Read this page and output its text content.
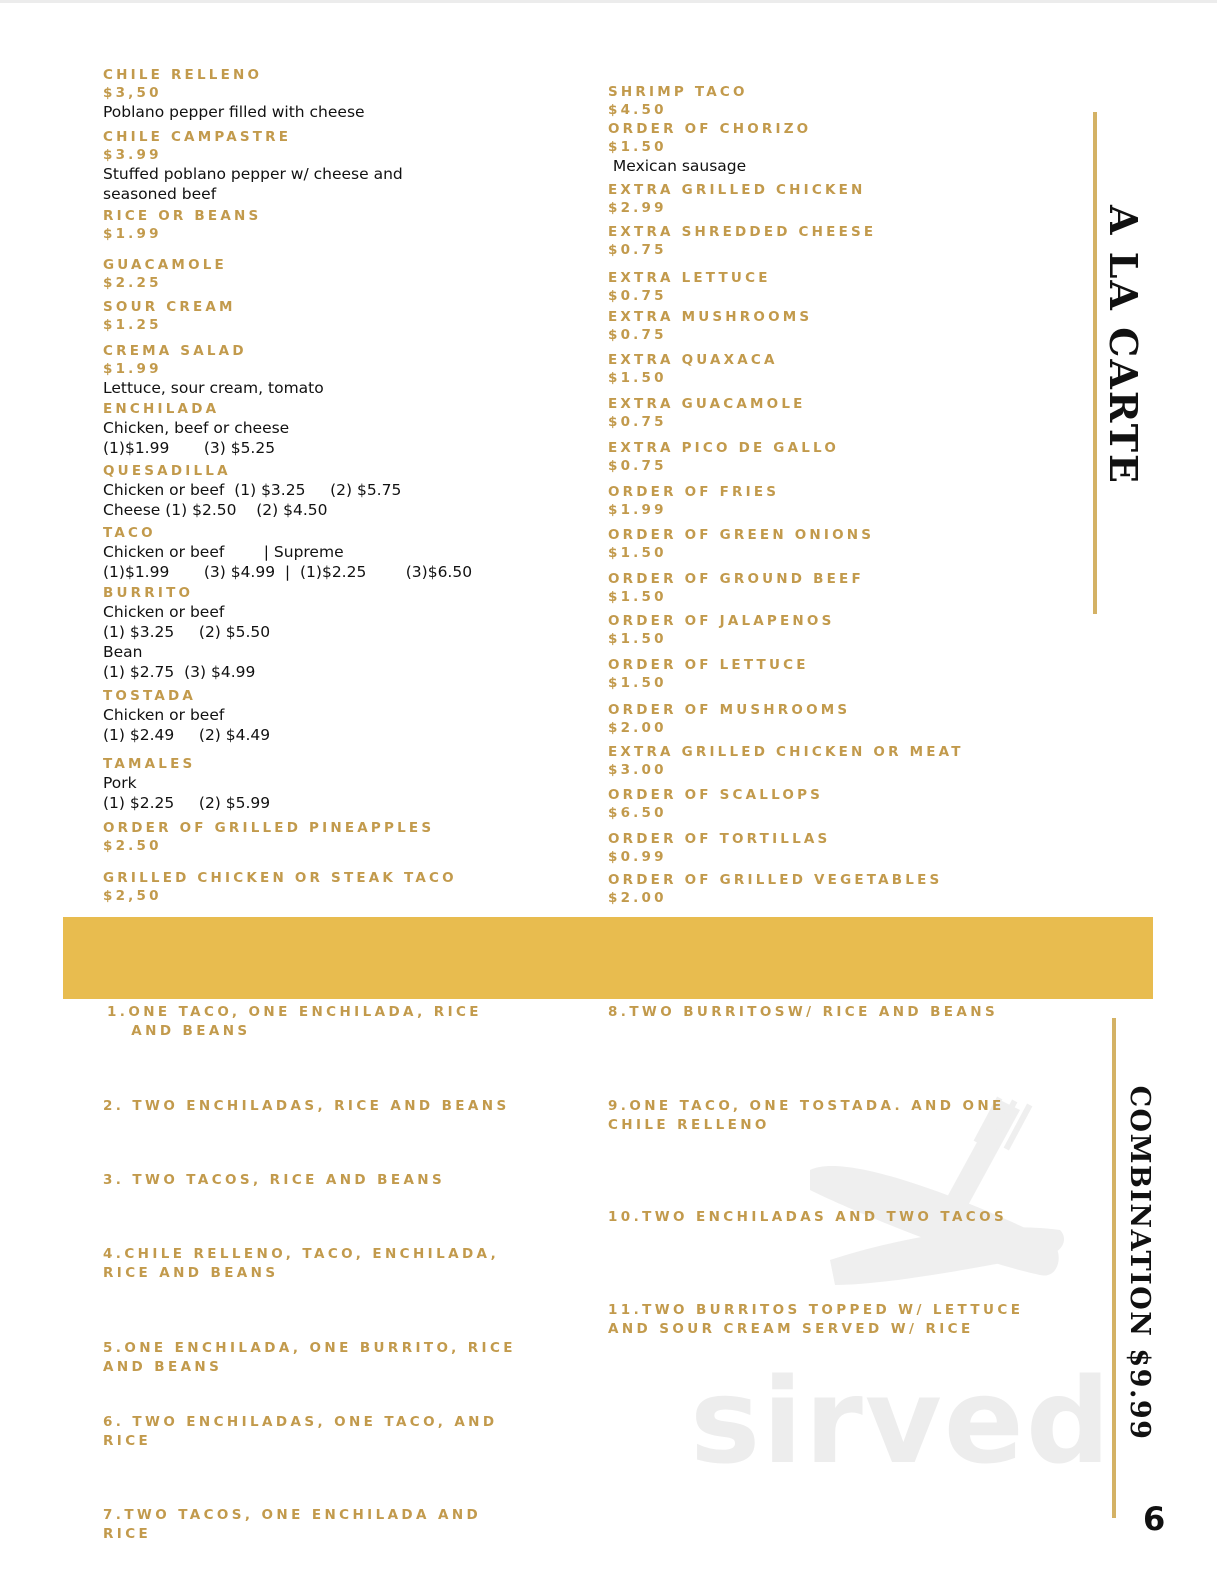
CHILE RELLENO
$3,50
Poblano pepper filled with cheese
CHILE CAMPASTRE
$3.99
Stuffed poblano pepper w/ cheese and
seasoned beef
RICE OR BEANS
$1.99
GUACAMOLE
$2.25
SOUR CREAM
$1.25
CREMA SALAD
$1.99
Lettuce, sour cream, tomato
ENCHILADA
Chicken, beef or cheese
(1)$1.99       (3) $5.25
QUESADILLA
Chicken or beef  (1) $3.25     (2) $5.75
Cheese (1) $2.50    (2) $4.50
TACO
Chicken or beef        | Supreme
(1)$1.99       (3) $4.99  |  (1)$2.25        (3)$6.50
BURRITO
Chicken or beef
(1) $3.25     (2) $5.50
Bean
(1) $2.75  (3) $4.99
TOSTADA
Chicken or beef
(1) $2.49     (2) $4.49
TAMALES
Pork
(1) $2.25     (2) $5.99
ORDER OF GRILLED PINEAPPLES
$2.50
GRILLED CHICKEN OR STEAK TACO
$2,50
SHRIMP TACO
$4.50
ORDER OF CHORIZO
$1.50
Mexican sausage
EXTRA GRILLED CHICKEN
$2.99
EXTRA SHREDDED CHEESE
$0.75
EXTRA LETTUCE
$0.75
EXTRA MUSHROOMS
$0.75
EXTRA QUAXACA
$1.50
EXTRA GUACAMOLE
$0.75
EXTRA PICO DE GALLO
$0.75
ORDER OF FRIES
$1.99
ORDER OF GREEN ONIONS
$1.50
ORDER OF GROUND BEEF
$1.50
ORDER OF JALAPENOS
$1.50
ORDER OF LETTUCE
$1.50
ORDER OF MUSHROOMS
$2.00
EXTRA GRILLED CHICKEN OR MEAT
$3.00
ORDER OF SCALLOPS
$6.50
ORDER OF TORTILLAS
$0.99
ORDER OF GRILLED VEGETABLES
$2.00
A LA CARTE
sirved
1.ONE TACO, ONE ENCHILADA, RICE
AND BEANS
2. TWO ENCHILADAS, RICE AND BEANS
3. TWO TACOS, RICE AND BEANS
4.CHILE RELLENO, TACO, ENCHILADA,
RICE AND BEANS
5.ONE ENCHILADA, ONE BURRITO, RICE
AND BEANS
6. TWO ENCHILADAS, ONE TACO, AND
RICE
7.TWO TACOS, ONE ENCHILADA AND
RICE
8.TWO BURRITOSW/ RICE AND BEANS
9.ONE TACO, ONE TOSTADA. AND ONE
CHILE RELLENO
10.TWO ENCHILADAS AND TWO TACOS
11.TWO BURRITOS TOPPED W/ LETTUCE
AND SOUR CREAM SERVED W/ RICE	COMBINATION $9.99
6
